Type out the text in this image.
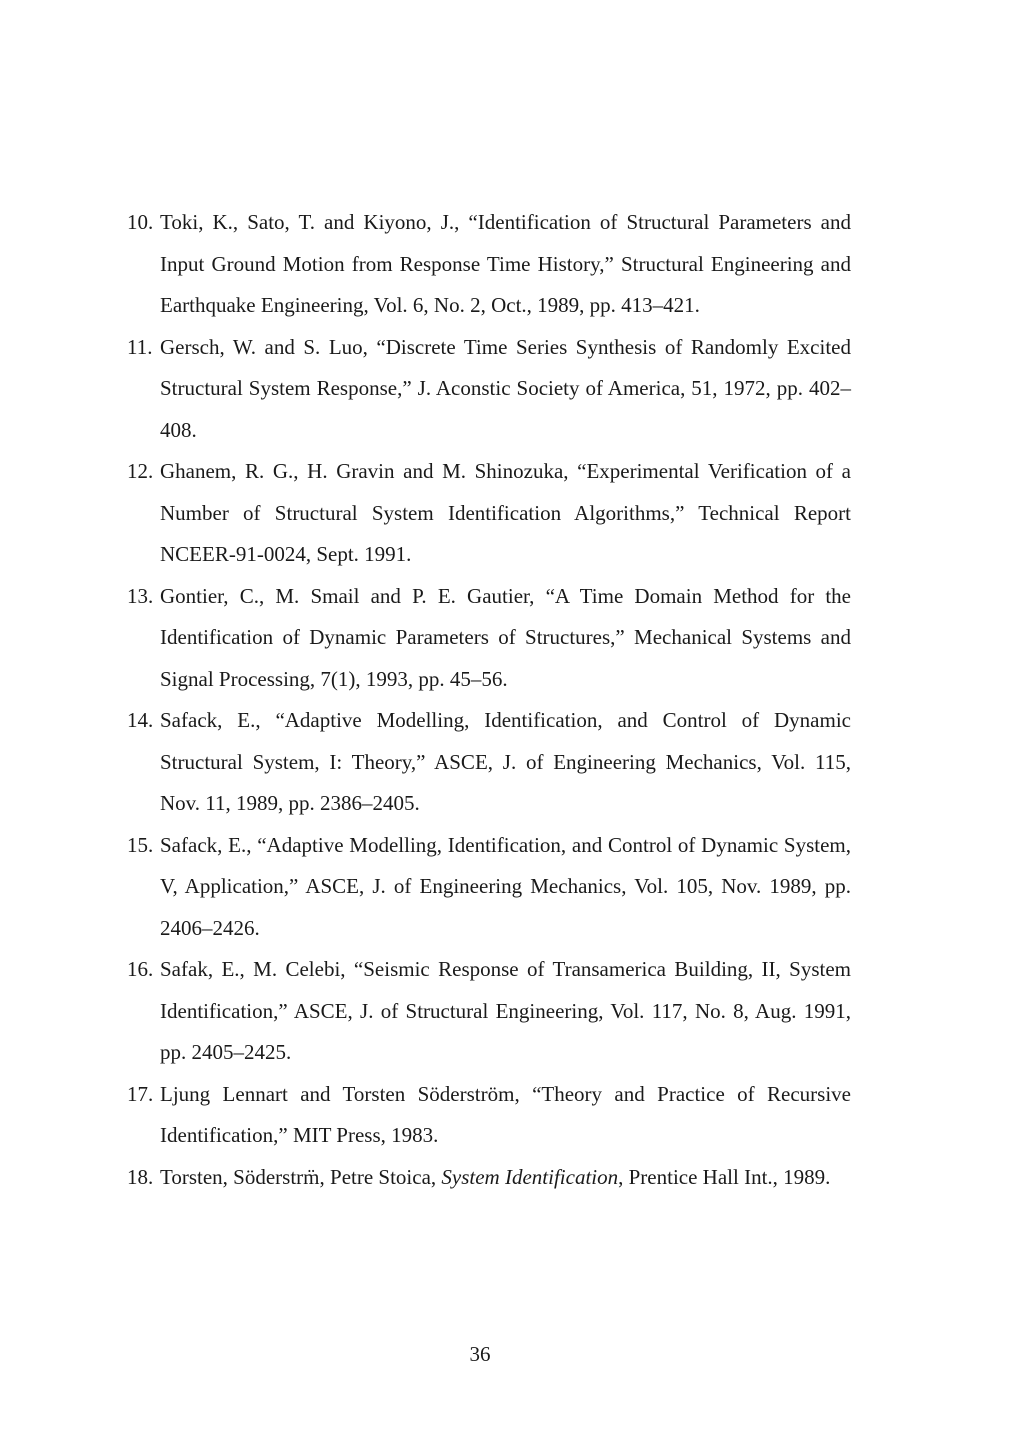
10. Toki, K., Sato, T. and Kiyono, J., “Identification of Structural Parameters and Input Ground Motion from Response Time History,” Structural Engineering and Earthquake Engineering, Vol. 6, No. 2, Oct., 1989, pp. 413–421.
11. Gersch, W. and S. Luo, “Discrete Time Series Synthesis of Randomly Excited Structural System Response,” J. Aconstic Society of America, 51, 1972, pp. 402–408.
12. Ghanem, R. G., H. Gravin and M. Shinozuka, “Experimental Verification of a Number of Structural System Identification Algorithms,” Technical Report NCEER-91-0024, Sept. 1991.
13. Gontier, C., M. Smail and P. E. Gautier, “A Time Domain Method for the Identification of Dynamic Parameters of Structures,” Mechanical Systems and Signal Processing, 7(1), 1993, pp. 45–56.
14. Safack, E., “Adaptive Modelling, Identification, and Control of Dynamic Structural System, I: Theory,” ASCE, J. of Engineering Mechanics, Vol. 115, Nov. 11, 1989, pp. 2386–2405.
15. Safack, E., “Adaptive Modelling, Identification, and Control of Dynamic System, V, Application,” ASCE, J. of Engineering Mechanics, Vol. 105, Nov. 1989, pp. 2406–2426.
16. Safak, E., M. Celebi, “Seismic Response of Transamerica Building, II, System Identification,” ASCE, J. of Structural Engineering, Vol. 117, No. 8, Aug. 1991, pp. 2405–2425.
17. Ljung Lennart and Torsten Söderström, “Theory and Practice of Recursive Identification,” MIT Press, 1983.
18. Torsten, Söderstrm̈, Petre Stoica, System Identification, Prentice Hall Int., 1989.
36
